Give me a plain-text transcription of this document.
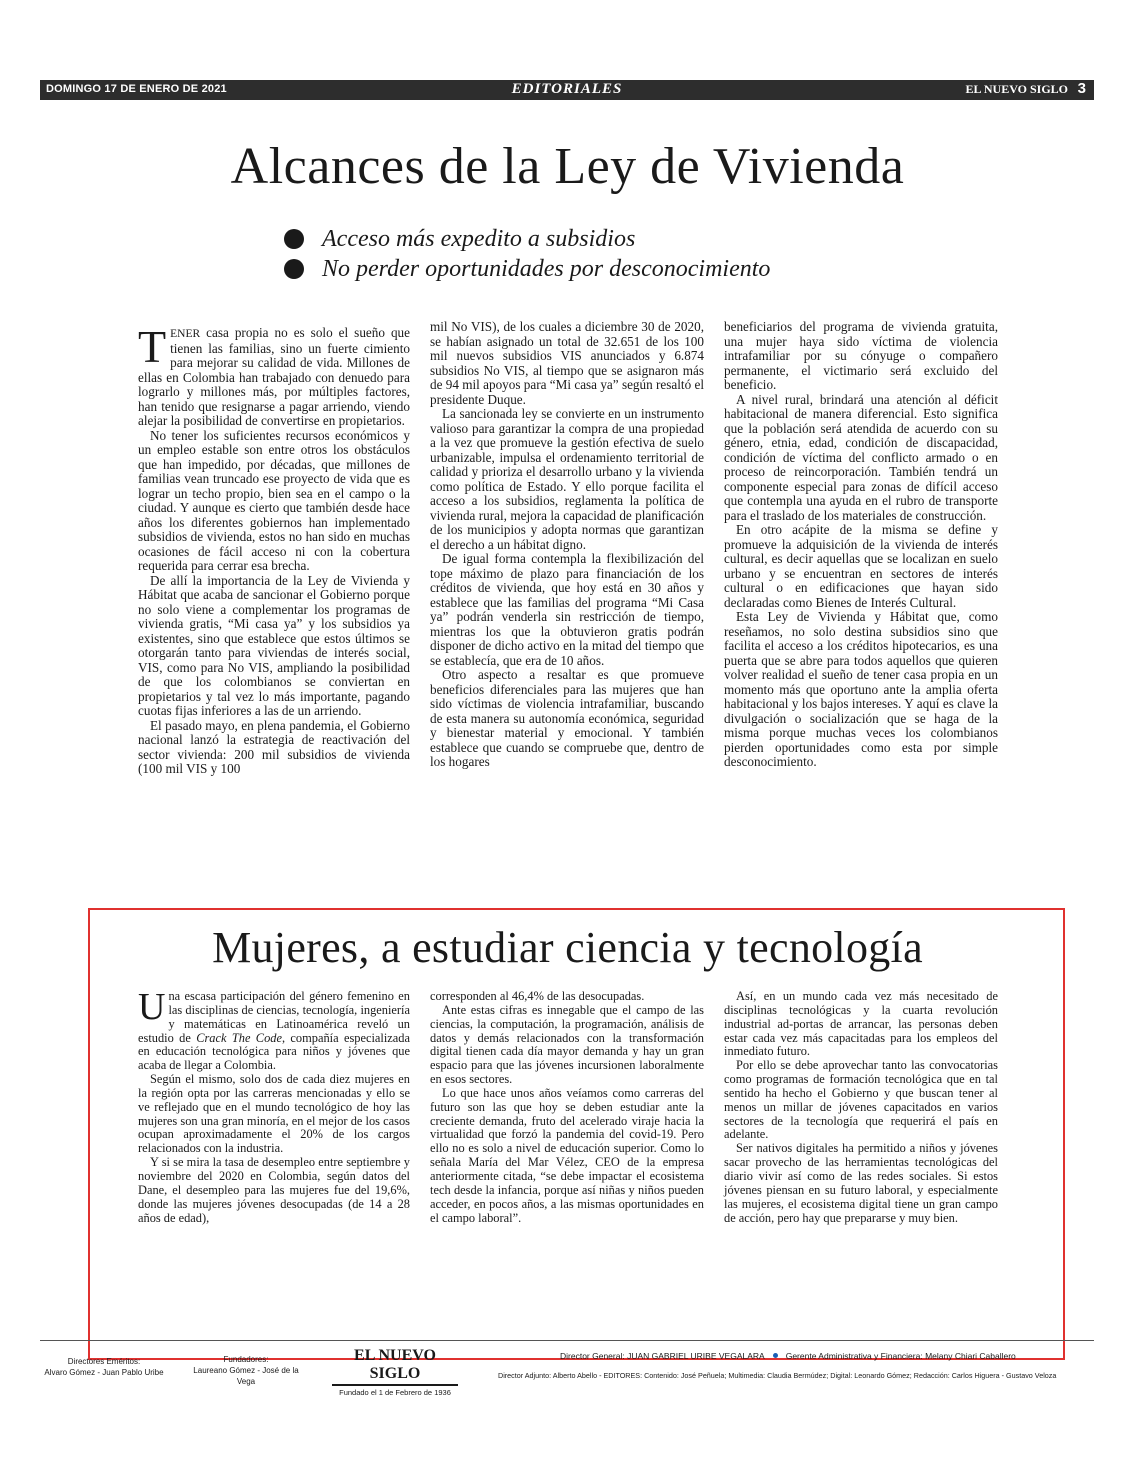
DOMINGO 17 DE ENERO DE 2021	EDITORIALES	EL NUEVO SIGLO 3
Alcances de la Ley de Vivienda
Acceso más expedito a subsidios
No perder oportunidades por desconocimiento

TENER casa propia no es solo el sueño que tienen las familias, sino un fuerte cimiento para mejorar su calidad de vida. Millones de ellas en Colombia han trabajado con denuedo para lograrlo y millones más, por múltiples factores, han tenido que resignarse a pagar arriendo, viendo alejar la posibilidad de convertirse en propietarios.

No tener los suficientes recursos económicos y un empleo estable son entre otros los obstáculos que han impedido, por décadas, que millones de familias vean truncado ese proyecto de vida que es lograr un techo propio, bien sea en el campo o la ciudad. Y aunque es cierto que también desde hace años los diferentes gobiernos han implementado subsidios de vivienda, estos no han sido en muchas ocasiones de fácil acceso ni con la cobertura requerida para cerrar esa brecha.

De allí la importancia de la Ley de Vivienda y Hábitat que acaba de sancionar el Gobierno porque no solo viene a complementar los programas de vivienda gratis, “Mi casa ya” y los subsidios ya existentes, sino que establece que estos últimos se otorgarán tanto para viviendas de interés social, VIS, como para No VIS, ampliando la posibilidad de que los colombianos se conviertan en propietarios y tal vez lo más importante, pagando cuotas fijas inferiores a las de un arriendo.

El pasado mayo, en plena pandemia, el Gobierno nacional lanzó la estrategia de reactivación del sector vivienda: 200 mil subsidios de vivienda (100 mil VIS y 100

mil No VIS), de los cuales a diciembre 30 de 2020, se habían asignado un total de 32.651 de los 100 mil nuevos subsidios VIS anunciados y 6.874 subsidios No VIS, al tiempo que se asignaron más de 94 mil apoyos para “Mi casa ya” según resaltó el presidente Duque.

La sancionada ley se convierte en un instrumento valioso para garantizar la compra de una propiedad a la vez que promueve la gestión efectiva de suelo urbanizable, impulsa el ordenamiento territorial de calidad y prioriza el desarrollo urbano y la vivienda como política de Estado. Y ello porque facilita el acceso a los subsidios, reglamenta la política de vivienda rural, mejora la capacidad de planificación de los municipios y adopta normas que garantizan el derecho a un hábitat digno.

De igual forma contempla la flexibilización del tope máximo de plazo para financiación de los créditos de vivienda, que hoy está en 30 años y establece que las familias del programa “Mi Casa ya” podrán venderla sin restricción de tiempo, mientras los que la obtuvieron gratis podrán disponer de dicho activo en la mitad del tiempo que se establecía, que era de 10 años.

Otro aspecto a resaltar es que promueve beneficios diferenciales para las mujeres que han sido víctimas de violencia intrafamiliar, buscando de esta manera su autonomía económica, seguridad y bienestar material y emocional. Y también establece que cuando se compruebe que, dentro de los hogares

beneficiarios del programa de vivienda gratuita, una mujer haya sido víctima de violencia intrafamiliar por su cónyuge o compañero permanente, el victimario será excluido del beneficio.

A nivel rural, brindará una atención al déficit habitacional de manera diferencial. Esto significa que la población será atendida de acuerdo con su género, etnia, edad, condición de discapacidad, condición de víctima del conflicto armado o en proceso de reincorporación. También tendrá un componente especial para zonas de difícil acceso que contempla una ayuda en el rubro de transporte para el traslado de los materiales de construcción.

En otro acápite de la misma se define y promueve la adquisición de la vivienda de interés cultural, es decir aquellas que se localizan en suelo urbano y se encuentran en sectores de interés cultural o en edificaciones que hayan sido declaradas como Bienes de Interés Cultural.

Esta Ley de Vivienda y Hábitat que, como reseñamos, no solo destina subsidios sino que facilita el acceso a los créditos hipotecarios, es una puerta que se abre para todos aquellos que quieren volver realidad el sueño de tener casa propia en un momento más que oportuno ante la amplia oferta habitacional y los bajos intereses. Y aquí es clave la divulgación o socialización que se haga de la misma porque muchas veces los colombianos pierden oportunidades como esta por simple desconocimiento.

Mujeres, a estudiar ciencia y tecnología

Una escasa participación del género femenino en las disciplinas de ciencias, tecnología, ingeniería y matemáticas en Latinoamérica reveló un estudio de Crack The Code, compañía especializada en educación tecnológica para niños y jóvenes que acaba de llegar a Colombia.

Según el mismo, solo dos de cada diez mujeres en la región opta por las carreras mencionadas y ello se ve reflejado que en el mundo tecnológico de hoy las mujeres son una gran minoría, en el mejor de los casos ocupan aproximadamente el 20% de los cargos relacionados con la industria.

Y si se mira la tasa de desempleo entre septiembre y noviembre del 2020 en Colombia, según datos del Dane, el desempleo para las mujeres fue del 19,6%, donde las mujeres jóvenes desocupadas (de 14 a 28 años de edad),

corresponden al 46,4% de las desocupadas.

Ante estas cifras es innegable que el campo de las ciencias, la computación, la programación, análisis de datos y demás relacionados con la transformación digital tienen cada día mayor demanda y hay un gran espacio para que las jóvenes incursionen laboralmente en esos sectores.

Lo que hace unos años veíamos como carreras del futuro son las que hoy se deben estudiar ante la creciente demanda, fruto del acelerado viraje hacia la virtualidad que forzó la pandemia del covid-19. Pero ello no es solo a nivel de educación superior. Como lo señala María del Mar Vélez, CEO de la empresa anteriormente citada, “se debe impactar el ecosistema tech desde la infancia, porque así niñas y niños pueden acceder, en pocos años, a las mismas oportunidades en el campo laboral”.

Así, en un mundo cada vez más necesitado de disciplinas tecnológicas y la cuarta revolución industrial ad-portas de arrancar, las personas deben estar cada vez más capacitadas para los empleos del inmediato futuro.

Por ello se debe aprovechar tanto las convocatorias como programas de formación tecnológica que en tal sentido ha hecho el Gobierno y que buscan tener al menos un millar de jóvenes capacitados en varios sectores de la tecnología que requerirá el país en adelante.

Ser nativos digitales ha permitido a niños y jóvenes sacar provecho de las herramientas tecnológicas del diario vivir así como de las redes sociales. Si estos jóvenes piensan en su futuro laboral, y especialmente las mujeres, el ecosistema digital tiene un gran campo de acción, pero hay que prepararse y muy bien.

Directores Eméritos:
Alvaro Gómez - Juan Pablo Uribe
Fundadores:
Laureano Gómez - José de la Vega
EL NUEVO SIGLO
Fundado el 1 de Febrero de 1936
Director General: JUAN GABRIEL URIBE VEGALARA Gerente Administrativa y Financiera: Melany Chiari Caballero
Director Adjunto: Alberto Abello - EDITORES: Contenido: José Peñuela; Multimedia: Claudia Bermúdez; Digital: Leonardo Gómez; Redacción: Carlos Higuera - Gustavo Veloza
